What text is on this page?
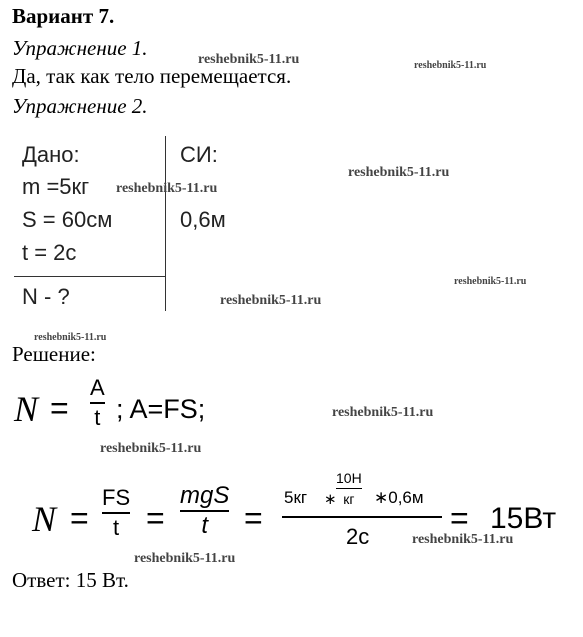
Вариант 7.
Упражнение 1.
Да, так как тело перемещается.
Упражнение 2.
Дано:	СИ:
m =5кг
S = 60см	0,6м
t = 2с
N - ?
Решение:
N =
A
t ; A=FS;
N =
FS
t =
mgS
t =
5кг ∗
10Н
кг ∗0,6м
2с
= 15Вт
Ответ: 15 Вт.
reshebnik5-11.ru	reshebnik5-11.ru
reshebnik5-11.ru
reshebnik5-11.ru
reshebnik5-11.ru
reshebnik5-11.ru
reshebnik5-11.ru
reshebnik5-11.ru
reshebnik5-11.ru
reshebnik5-11.ru
reshebnik5-11.ru
